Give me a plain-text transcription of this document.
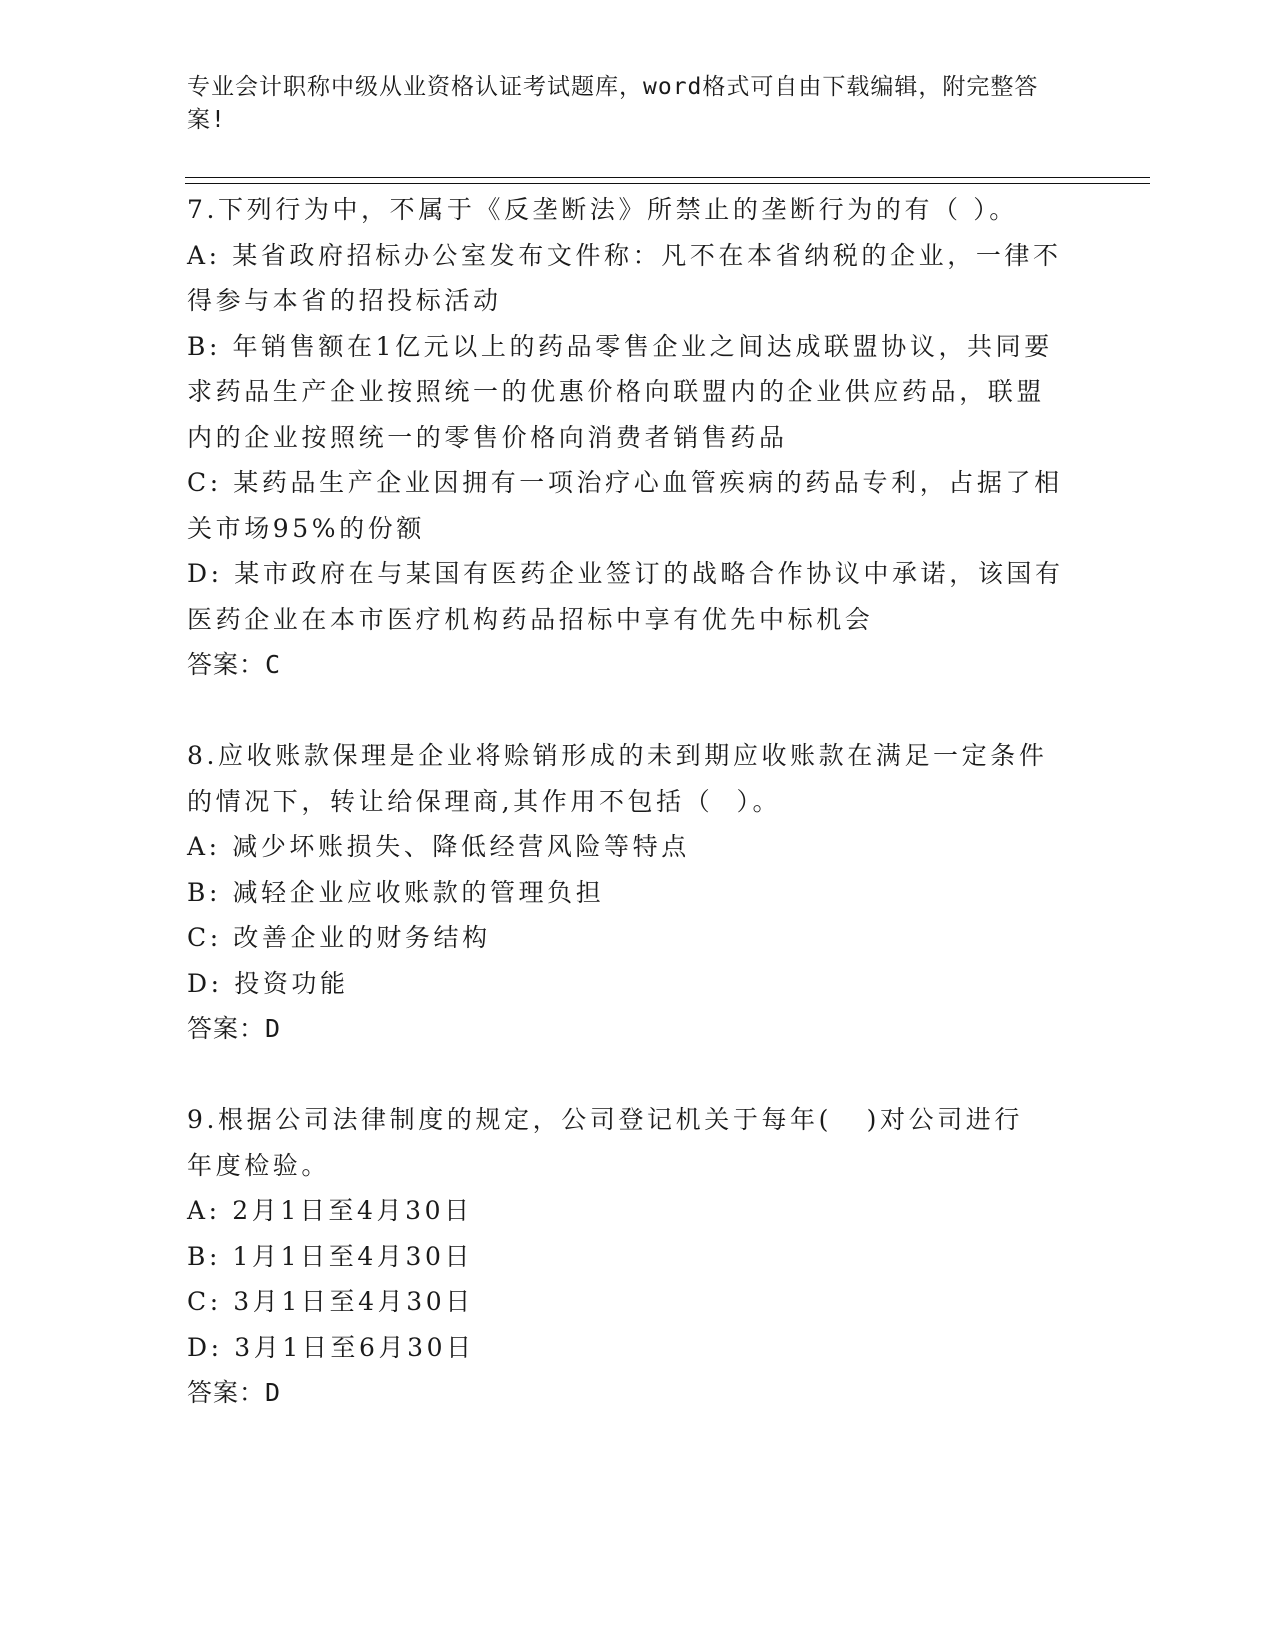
专业会计职称中级从业资格认证考试题库，word格式可自由下载编辑，附完整答
案!
7.下列行为中，不属于《反垄断法》所禁止的垄断行为的有（ ）。
A: 某省政府招标办公室发布文件称：凡不在本省纳税的企业，一律不
得参与本省的招投标活动
B: 年销售额在1亿元以上的药品零售企业之间达成联盟协议，共同要
求药品生产企业按照统一的优惠价格向联盟内的企业供应药品，联盟
内的企业按照统一的零售价格向消费者销售药品
C: 某药品生产企业因拥有一项治疗心血管疾病的药品专利，占据了相
关市场95%的份额
D: 某市政府在与某国有医药企业签订的战略合作协议中承诺，该国有
医药企业在本市医疗机构药品招标中享有优先中标机会
答案：C
8.应收账款保理是企业将赊销形成的未到期应收账款在满足一定条件
的情况下，转让给保理商,其作用不包括（  ）。
A: 减少坏账损失、降低经营风险等特点
B: 减轻企业应收账款的管理负担
C: 改善企业的财务结构
D: 投资功能
答案：D
9.根据公司法律制度的规定，公司登记机关于每年(   )对公司进行
年度检验。
A: 2月1日至4月30日
B: 1月1日至4月30日
C: 3月1日至4月30日
D: 3月1日至6月30日
答案：D
